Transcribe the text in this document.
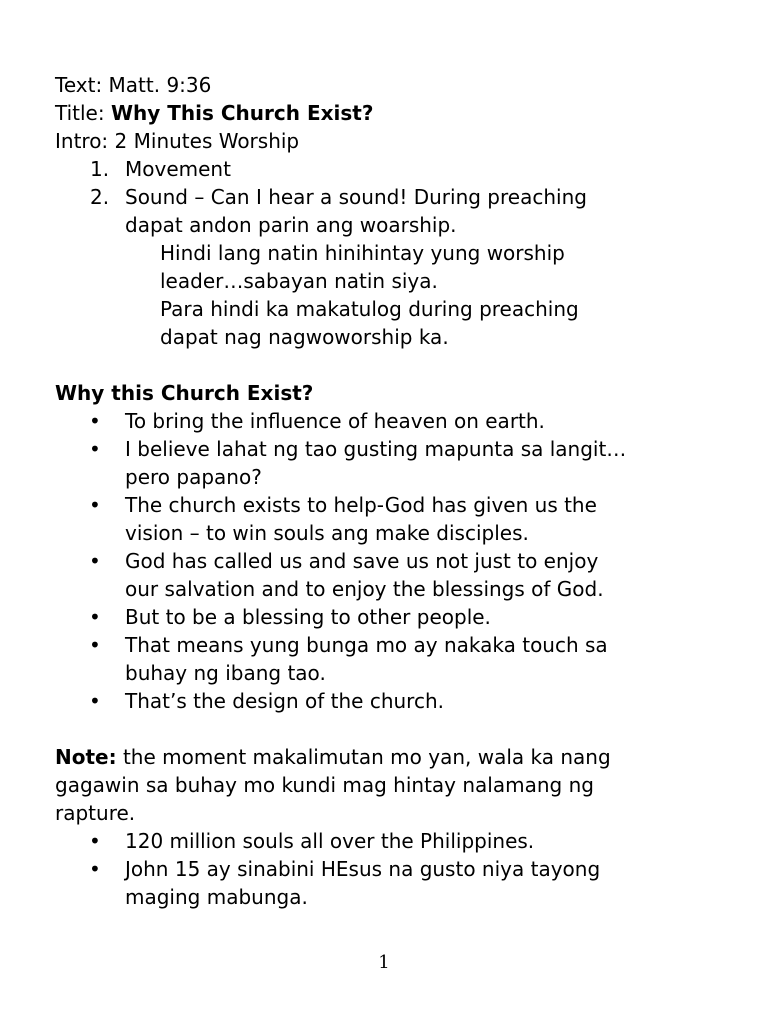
Text: Matt. 9:36

Title: Why This Church Exist?

Intro: 2 Minutes Worship

1. Movement
2. Sound – Can I hear a sound! During preaching
dapat andon parin ang woarship.

Hindi lang natin hinihintay yung worship

leader…sabayan natin siya.

Para hindi ka makatulog during preaching

dapat nag nagwoworship ka.

Why this Church Exist?

• To bring the influence of heaven on earth.
• I believe lahat ng tao gusting mapunta sa langit…
pero papano?
• The church exists to help-God has given us the
vision – to win souls ang make disciples.
• God has called us and save us not just to enjoy
our salvation and to enjoy the blessings of God.
• But to be a blessing to other people.
• That means yung bunga mo ay nakaka touch sa
buhay ng ibang tao.
• That’s the design of the church.

Note: the moment makalimutan mo yan, wala ka nang

gagawin sa buhay mo kundi mag hintay nalamang ng

rapture.

• 120 million souls all over the Philippines.
• John 15 ay sinabini HEsus na gusto niya tayong
maging mabunga.
1
